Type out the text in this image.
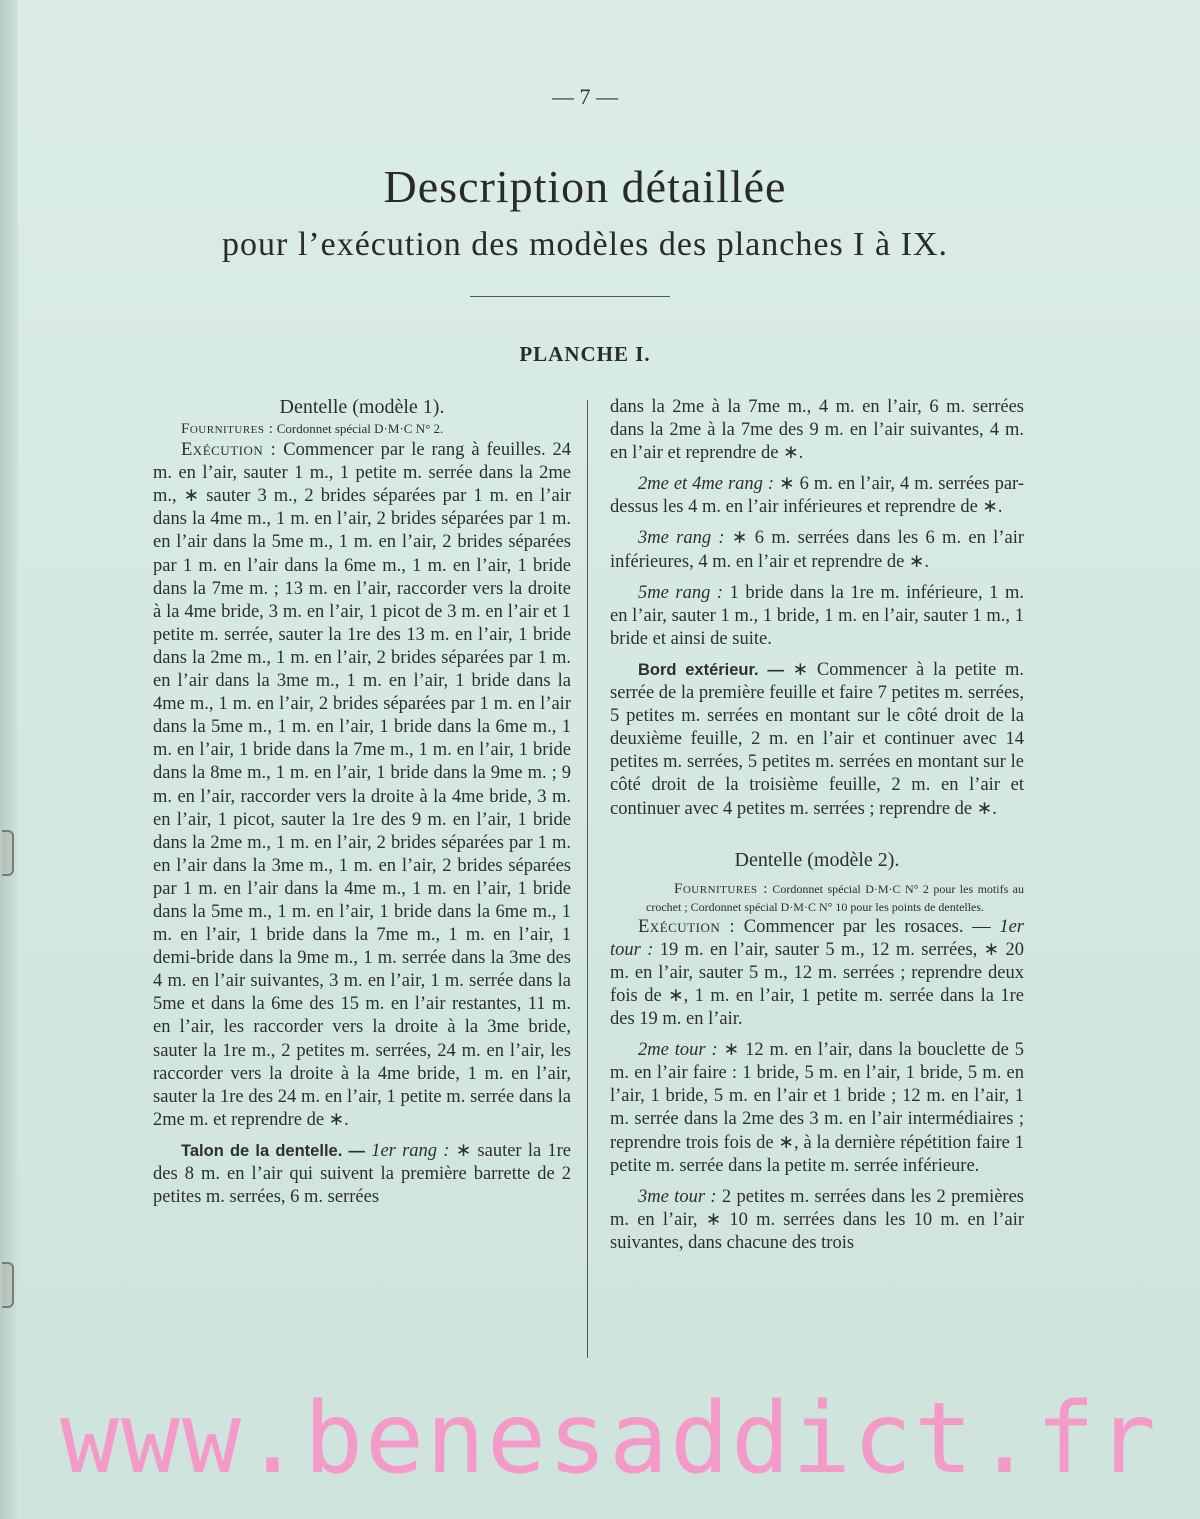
— 7 —
Description détaillée
pour l’exécution des modèles des planches I à IX.
PLANCHE I.

Dentelle (modèle 1).

Fournitures : Cordonnet spécial D·M·C N° 2.

Exécution : Commencer par le rang à feuilles. 24 m. en l’air, sauter 1 m., 1 petite m. serrée dans la 2me m., ∗ sauter 3 m., 2 brides séparées par 1 m. en l’air dans la 4me m., 1 m. en l’air, 2 brides séparées par 1 m. en l’air dans la 5me m., 1 m. en l’air, 2 brides séparées par 1 m. en l’air dans la 6me m., 1 m. en l’air, 1 bride dans la 7me m. ; 13 m. en l’air, raccorder vers la droite à la 4me bride, 3 m. en l’air, 1 picot de 3 m. en l’air et 1 petite m. serrée, sauter la 1re des 13 m. en l’air, 1 bride dans la 2me m., 1 m. en l’air, 2 brides séparées par 1 m. en l’air dans la 3me m., 1 m. en l’air, 1 bride dans la 4me m., 1 m. en l’air, 2 brides séparées par 1 m. en l’air dans la 5me m., 1 m. en l’air, 1 bride dans la 6me m., 1 m. en l’air, 1 bride dans la 7me m., 1 m. en l’air, 1 bride dans la 8me m., 1 m. en l’air, 1 bride dans la 9me m. ; 9 m. en l’air, raccorder vers la droite à la 4me bride, 3 m. en l’air, 1 picot, sauter la 1re des 9 m. en l’air, 1 bride dans la 2me m., 1 m. en l’air, 2 brides séparées par 1 m. en l’air dans la 3me m., 1 m. en l’air, 2 brides séparées par 1 m. en l’air dans la 4me m., 1 m. en l’air, 1 bride dans la 5me m., 1 m. en l’air, 1 bride dans la 6me m., 1 m. en l’air, 1 bride dans la 7me m., 1 m. en l’air, 1 demi-bride dans la 9me m., 1 m. serrée dans la 3me des 4 m. en l’air suivantes, 3 m. en l’air, 1 m. serrée dans la 5me et dans la 6me des 15 m. en l’air restantes, 11 m. en l’air, les raccorder vers la droite à la 3me bride, sauter la 1re m., 2 petites m. serrées, 24 m. en l’air, les raccorder vers la droite à la 4me bride, 1 m. en l’air, sauter la 1re des 24 m. en l’air, 1 petite m. serrée dans la 2me m. et reprendre de ∗.

Talon de la dentelle. — 1er rang : ∗ sauter la 1re des 8 m. en l’air qui suivent la première barrette de 2 petites m. serrées, 6 m. serrées

dans la 2me à la 7me m., 4 m. en l’air, 6 m. serrées dans la 2me à la 7me des 9 m. en l’air suivantes, 4 m. en l’air et reprendre de ∗.

2me et 4me rang : ∗ 6 m. en l’air, 4 m. serrées par-dessus les 4 m. en l’air inférieures et reprendre de ∗.

3me rang : ∗ 6 m. serrées dans les 6 m. en l’air inférieures, 4 m. en l’air et reprendre de ∗.

5me rang : 1 bride dans la 1re m. inférieure, 1 m. en l’air, sauter 1 m., 1 bride, 1 m. en l’air, sauter 1 m., 1 bride et ainsi de suite.

Bord extérieur. — ∗ Commencer à la petite m. serrée de la première feuille et faire 7 petites m. serrées, 5 petites m. serrées en montant sur le côté droit de la deuxième feuille, 2 m. en l’air et continuer avec 14 petites m. serrées, 5 petites m. serrées en montant sur le côté droit de la troisième feuille, 2 m. en l’air et continuer avec 4 petites m. serrées ; reprendre de ∗.

Dentelle (modèle 2).

Fournitures : Cordonnet spécial D·M·C N° 2 pour les motifs au crochet ; Cordonnet spécial D·M·C N° 10 pour les points de dentelles.

Exécution : Commencer par les rosaces. — 1er tour : 19 m. en l’air, sauter 5 m., 12 m. serrées, ∗ 20 m. en l’air, sauter 5 m., 12 m. serrées ; reprendre deux fois de ∗, 1 m. en l’air, 1 petite m. serrée dans la 1re des 19 m. en l’air.

2me tour : ∗ 12 m. en l’air, dans la bouclette de 5 m. en l’air faire : 1 bride, 5 m. en l’air, 1 bride, 5 m. en l’air, 1 bride, 5 m. en l’air et 1 bride ; 12 m. en l’air, 1 m. serrée dans la 2me des 3 m. en l’air intermédiaires ; reprendre trois fois de ∗, à la dernière répétition faire 1 petite m. serrée dans la petite m. serrée inférieure.

3me tour : 2 petites m. serrées dans les 2 premières m. en l’air, ∗ 10 m. serrées dans les 10 m. en l’air suivantes, dans chacune des trois

www.benesaddict.fr
